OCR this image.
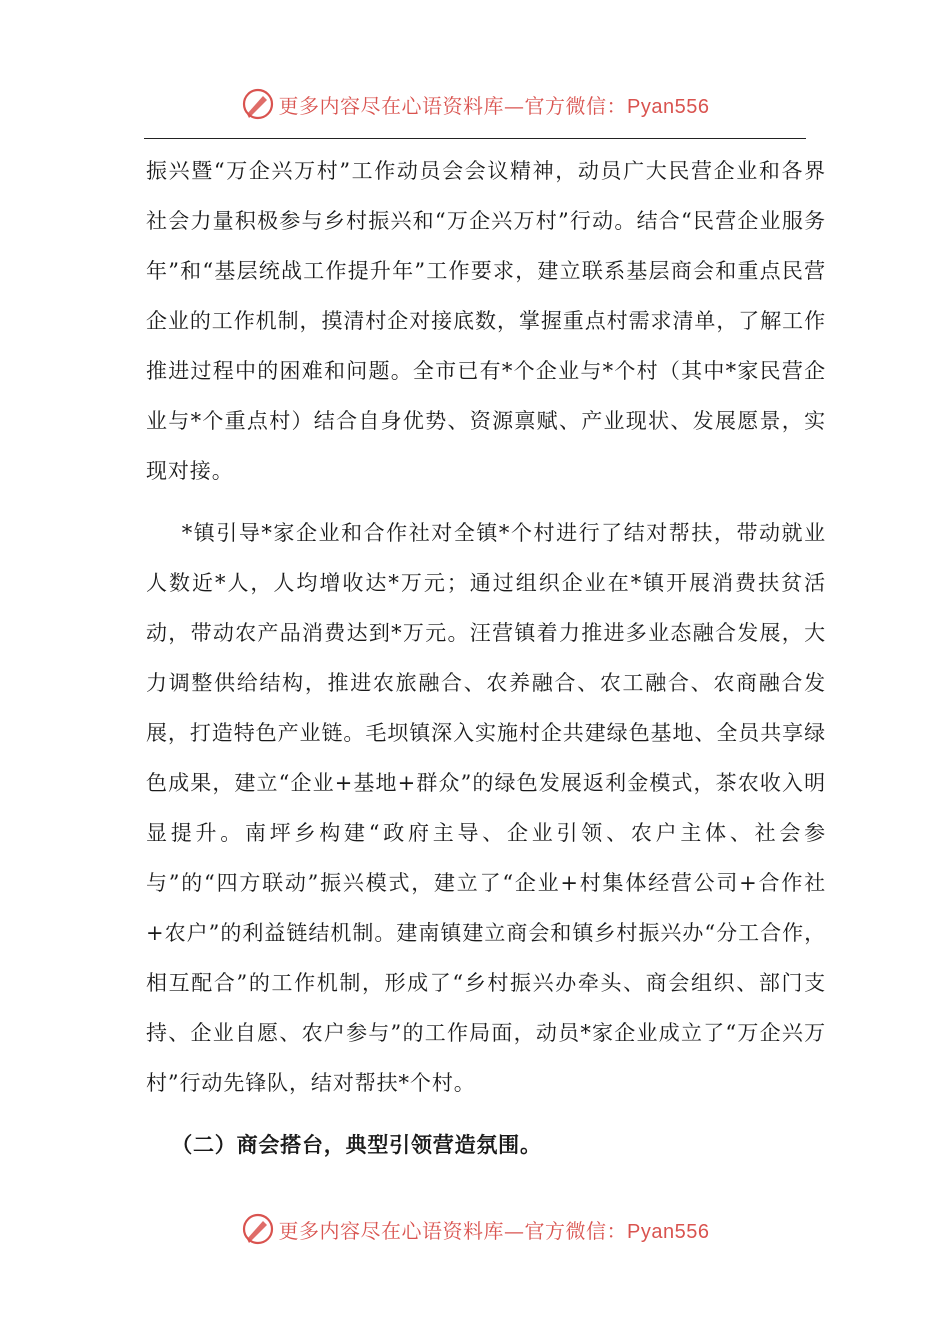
更多内容尽在心语资料库—官方微信：Pyan556

振兴暨“万企兴万村”工作动员会会议精神，动员广大民营企业和各界社会力量积极参与乡村振兴和“万企兴万村”行动。结合“民营企业服务年”和“基层统战工作提升年”工作要求，建立联系基层商会和重点民营企业的工作机制，摸清村企对接底数，掌握重点村需求清单，了解工作推进过程中的困难和问题。全市已有*个企业与*个村（其中*家民营企业与*个重点村）结合自身优势、资源禀赋、产业现状、发展愿景，实现对接。

*镇引导*家企业和合作社对全镇*个村进行了结对帮扶，带动就业人数近*人，人均增收达*万元；通过组织企业在*镇开展消费扶贫活动，带动农产品消费达到*万元。汪营镇着力推进多业态融合发展，大力调整供给结构，推进农旅融合、农养融合、农工融合、农商融合发展，打造特色产业链。毛坝镇深入实施村企共建绿色基地、全员共享绿色成果，建立“企业+基地+群众”的绿色发展返利金模式，茶农收入明显提升。南坪乡构建“政府主导、企业引领、农户主体、社会参与”的“四方联动”振兴模式，建立了“企业+村集体经营公司+合作社+农户”的利益链结机制。建南镇建立商会和镇乡村振兴办“分工合作，相互配合”的工作机制，形成了“乡村振兴办牵头、商会组织、部门支持、企业自愿、农户参与”的工作局面，动员*家企业成立了“万企兴万村”行动先锋队，结对帮扶*个村。

（二）商会搭台，典型引领营造氛围。

更多内容尽在心语资料库—官方微信：Pyan556
